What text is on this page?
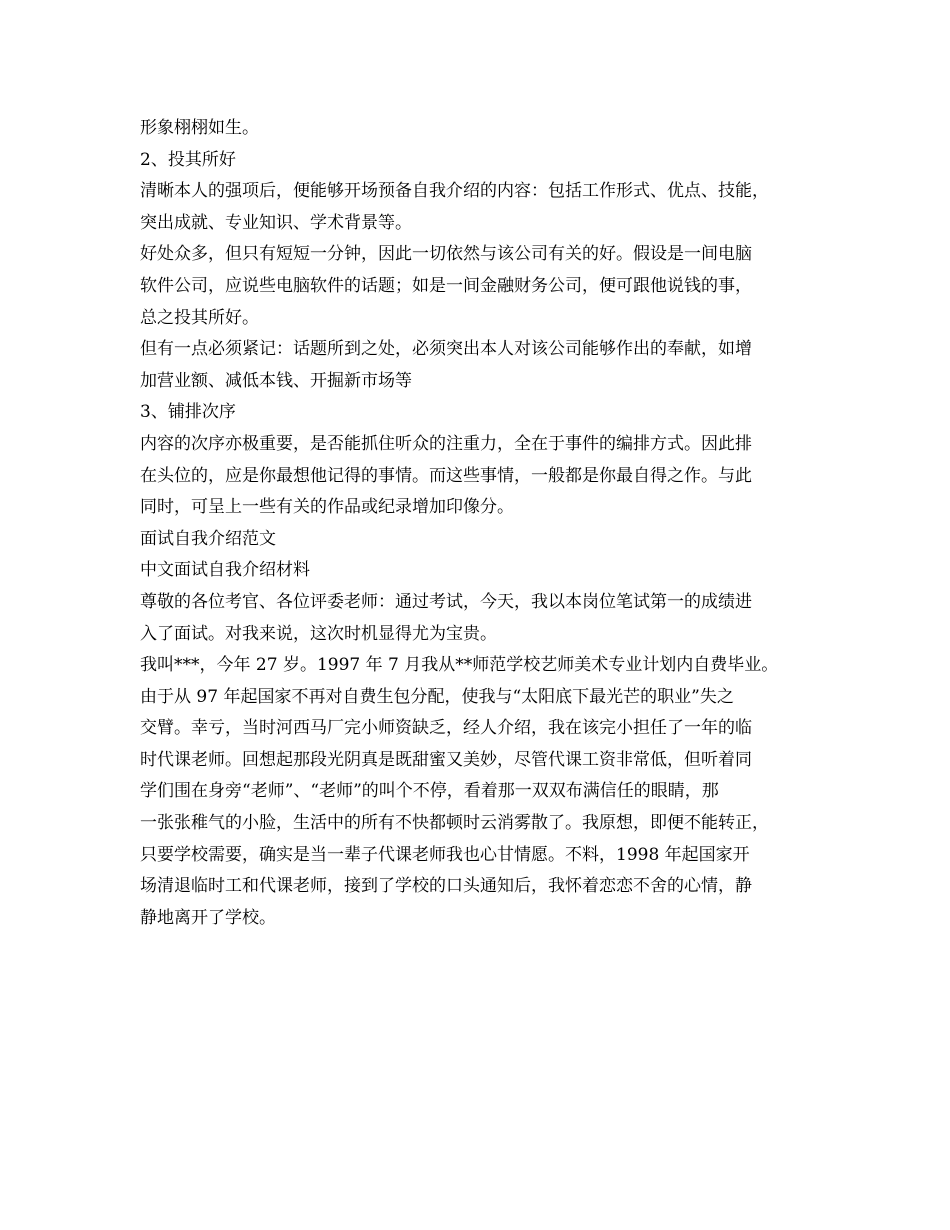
形象栩栩如生。
2、投其所好
清晰本人的强项后，便能够开场预备自我介绍的内容：包括工作形式、优点、技能，
突出成就、专业知识、学术背景等。
好处众多，但只有短短一分钟，因此一切依然与该公司有关的好。假设是一间电脑
软件公司，应说些电脑软件的话题；如是一间金融财务公司，便可跟他说钱的事，
总之投其所好。
但有一点必须紧记：话题所到之处，必须突出本人对该公司能够作出的奉献，如增
加营业额、减低本钱、开掘新市场等
3、铺排次序
内容的次序亦极重要，是否能抓住听众的注重力，全在于事件的编排方式。因此排
在头位的，应是你最想他记得的事情。而这些事情，一般都是你最自得之作。与此
同时，可呈上一些有关的作品或纪录增加印像分。
面试自我介绍范文
中文面试自我介绍材料
尊敬的各位考官、各位评委老师：通过考试，今天，我以本岗位笔试第一的成绩进
入了面试。对我来说，这次时机显得尤为宝贵。
我叫***，今年 27 岁。1997 年 7 月我从**师范学校艺师美术专业计划内自费毕业。
由于从 97 年起国家不再对自费生包分配，使我与“太阳底下最光芒的职业”失之
交臂。幸亏，当时河西马厂完小师资缺乏，经人介绍，我在该完小担任了一年的临
时代课老师。回想起那段光阴真是既甜蜜又美妙，尽管代课工资非常低，但听着同
学们围在身旁“老师”、“老师”的叫个不停，看着那一双双布满信任的眼睛，那
一张张稚气的小脸，生活中的所有不快都顿时云消雾散了。我原想，即便不能转正，
只要学校需要，确实是当一辈子代课老师我也心甘情愿。不料，1998 年起国家开
场清退临时工和代课老师，接到了学校的口头通知后，我怀着恋恋不舍的心情，静
静地离开了学校。
